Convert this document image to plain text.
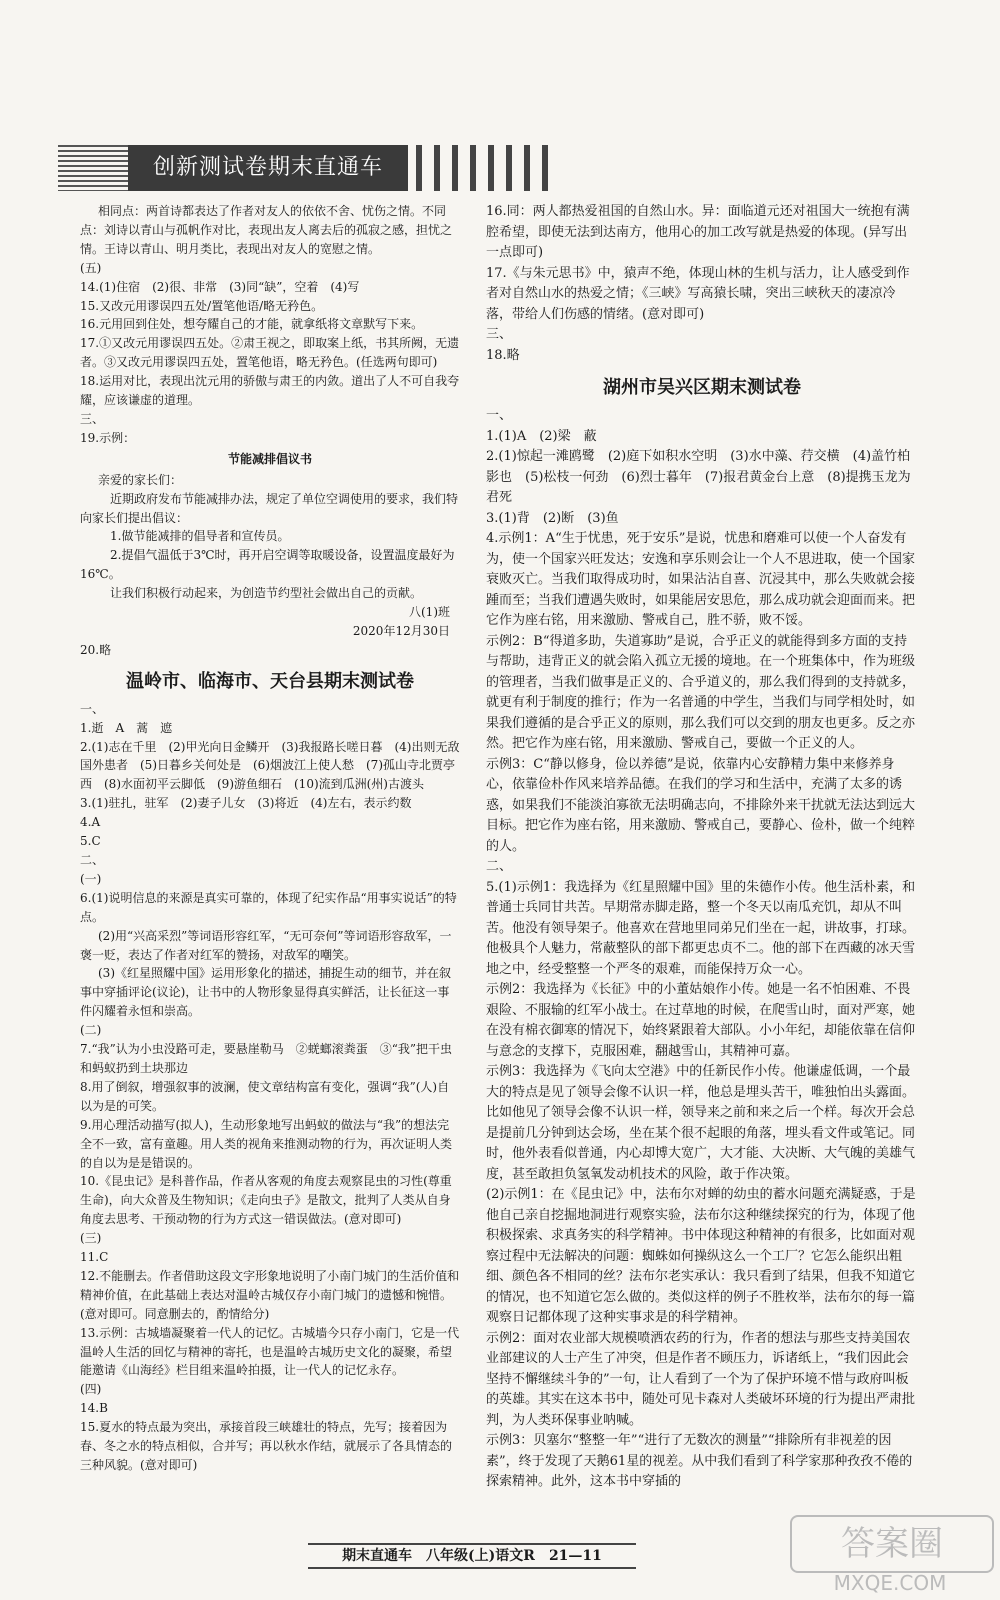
创新测试卷期末直通车

相同点：两首诗都表达了作者对友人的依依不舍、忧伤之情。不同点：刘诗以青山与孤帆作对比，表现出友人离去后的孤寂之感，担忧之情。王诗以青山、明月类比，表现出对友人的宽慰之情。

(五)

14.(1)住宿　(2)很、非常　(3)同“缺”，空着　(4)写

15.又改元用谬误四五处/置笔他语/略无矜色。

16.元用回到住处，想夸耀自己的才能，就拿纸将文章默写下来。

17.①又改元用谬误四五处。②肃王视之，即取案上纸，书其所阙，无遗者。③又改元用谬误四五处，置笔他语，略无矜色。(任选两句即可)

18.运用对比，表现出沈元用的骄傲与肃王的内敛。道出了人不可自我夸耀，应该谦虚的道理。

三、

19.示例：

节能减排倡议书

亲爱的家长们：

近期政府发布节能减排办法，规定了单位空调使用的要求，我们特向家长们提出倡议：

1.做节能减排的倡导者和宣传员。

2.提倡气温低于3℃时，再开启空调等取暖设备，设置温度最好为16℃。

让我们积极行动起来，为创造节约型社会做出自己的贡献。

八(1)班

2020年12月30日

20.略

温岭市、临海市、天台县期末测试卷

一、

1.逝　A　蒿　遮

2.(1)志在千里　(2)甲光向日金鳞开　(3)我报路长嗟日暮　(4)出则无敌国外患者　(5)日暮乡关何处是　(6)烟波江上使人愁　(7)孤山寺北贾亭西　(8)水面初平云脚低　(9)游鱼细石　(10)流到瓜洲(州)古渡头

3.(1)驻扎，驻军　(2)妻子儿女　(3)将近　(4)左右，表示约数

4.A

5.C

二、

(一)

6.(1)说明信息的来源是真实可靠的，体现了纪实作品“用事实说话”的特点。

(2)用“兴高采烈”等词语形容红军，“无可奈何”等词语形容敌军，一褒一贬，表达了作者对红军的赞扬，对敌军的嘲笑。

(3)《红星照耀中国》运用形象化的描述，捕捉生动的细节，并在叙事中穿插评论(议论)，让书中的人物形象显得真实鲜活，让长征这一事件闪耀着永恒和崇高。

(二)

7.“我”认为小虫没路可走，要悬崖勒马　②蜣螂滚粪蛋　③“我”把干虫和蚂蚁扔到土块那边

8.用了倒叙，增强叙事的波澜，使文章结构富有变化，强调“我”(人)自以为是的可笑。

9.用心理活动描写(拟人)，生动形象地写出蚂蚁的做法与“我”的想法完全不一致，富有童趣。用人类的视角来推测动物的行为，再次证明人类的自以为是是错误的。

10.《昆虫记》是科普作品，作者从客观的角度去观察昆虫的习性(尊重生命)，向大众普及生物知识；《走向虫子》是散文，批判了人类从自身角度去思考、干预动物的行为方式这一错误做法。(意对即可)

(三)

11.C

12.不能删去。作者借助这段文字形象地说明了小南门城门的生活价值和精神价值，在此基础上表达对温岭古城仅存小南门城门的遗憾和惋惜。(意对即可。同意删去的，酌情给分)

13.示例：古城墙凝聚着一代人的记忆。古城墙今只存小南门，它是一代温岭人生活的回忆与精神的寄托，也是温岭古城历史文化的凝聚，希望能邀请《山海经》栏目组来温岭拍摄，让一代人的记忆永存。

(四)

14.B

15.夏水的特点最为突出，承接首段三峡雄壮的特点，先写；接着因为春、冬之水的特点相似，合并写；再以秋水作结，就展示了各具情态的三种风貌。(意对即可)

16.同：两人都热爱祖国的自然山水。异：面临道元还对祖国大一统抱有满腔希望，即使无法到达南方，他用心的加工改写就是热爱的体现。(异写出一点即可)

17.《与朱元思书》中，猿声不绝，体现山林的生机与活力，让人感受到作者对自然山水的热爱之情；《三峡》写高猿长啸，突出三峡秋天的凄凉冷落，带给人们伤感的情绪。(意对即可)

三、

18.略

湖州市吴兴区期末测试卷

一、

1.(1)A　(2)梁　蔽

2.(1)惊起一滩鸥鹭　(2)庭下如积水空明　(3)水中藻、荇交横　(4)盖竹柏影也　(5)松枝一何劲　(6)烈士暮年　(7)报君黄金台上意　(8)提携玉龙为君死

3.(1)背　(2)断　(3)鱼

4.示例1：A“生于忧患，死于安乐”是说，忧患和磨难可以使一个人奋发有为，使一个国家兴旺发达；安逸和享乐则会让一个人不思进取，使一个国家衰败灭亡。当我们取得成功时，如果沾沾自喜、沉浸其中，那么失败就会接踵而至；当我们遭遇失败时，如果能居安思危，那么成功就会迎面而来。把它作为座右铭，用来激励、警戒自己，胜不骄，败不馁。

示例2：B“得道多助，失道寡助”是说，合乎正义的就能得到多方面的支持与帮助，违背正义的就会陷入孤立无援的境地。在一个班集体中，作为班级的管理者，当我们做事是正义的、合乎道义的，那么我们得到的支持就多，就更有利于制度的推行；作为一名普通的中学生，当我们与同学相处时，如果我们遵循的是合乎正义的原则，那么我们可以交到的朋友也更多。反之亦然。把它作为座右铭，用来激励、警戒自己，要做一个正义的人。

示例3：C“静以修身，俭以养德”是说，依靠内心安静精力集中来修养身心，依靠俭朴作风来培养品德。在我们的学习和生活中，充满了太多的诱惑，如果我们不能淡泊寡欲无法明确志向，不排除外来干扰就无法达到远大目标。把它作为座右铭，用来激励、警戒自己，要静心、俭朴，做一个纯粹的人。

二、

5.(1)示例1：我选择为《红星照耀中国》里的朱德作小传。他生活朴素，和普通士兵同甘共苦。早期常赤脚走路，整一个冬天以南瓜充饥，却从不叫苦。他没有领导架子。他喜欢在营地里同弟兄们坐在一起，讲故事，打球。他极具个人魅力，常蔽整队的部下都更忠贞不二。他的部下在西藏的冰天雪地之中，经受整整一个严冬的艰难，而能保持万众一心。

示例2：我选择为《长征》中的小董姑娘作小传。她是一名不怕困难、不畏艰险、不服输的红军小战士。在过草地的时候，在爬雪山时，面对严寒，她在没有棉衣御寒的情况下，始终紧跟着大部队。小小年纪，却能依靠在信仰与意念的支撑下，克服困难，翻越雪山，其精神可嘉。

示例3：我选择为《飞向太空港》中的任新民作小传。他谦虚低调，一个最大的特点是见了领导会像不认识一样，他总是埋头苦干，唯独怕出头露面。比如他见了领导会像不认识一样，领导来之前和来之后一个样。每次开会总是提前几分钟到达会场，坐在某个很不起眼的角落，埋头看文件或笔记。同时，他外表看似普通，内心却博大宽广，大才能、大决断、大气魄的美雄气度，甚至敢担负氢氧发动机技术的风险，敢于作决策。

(2)示例1：在《昆虫记》中，法布尔对蝉的幼虫的蓄水问题充满疑惑，于是他自己亲自挖掘地洞进行观察实验，法布尔这种继续探究的行为，体现了他积极探索、求真务实的科学精神。书中体现这种精神的有很多，比如面对观察过程中无法解决的问题：蜘蛛如何操纵这么一个工厂？它怎么能织出粗细、颜色各不相同的丝？法布尔老实承认：我只看到了结果，但我不知道它的情况，也不知道它怎么做的。类似这样的例子不胜枚举，法布尔的每一篇观察日记都体现了这种实事求是的科学精神。

示例2：面对农业部大规模喷洒农药的行为，作者的想法与那些支持美国农业部建议的人士产生了冲突，但是作者不顾压力，诉诸纸上，“我们因此会坚持不懈继续斗争的”一句，让人看到了一个为了保护环境不惜与政府叫板的英雄。其实在这本书中，随处可见卡森对人类破坏环境的行为提出严肃批判，为人类环保事业呐喊。

示例3：贝塞尔“整整一年”“进行了无数次的测量”“排除所有非视差的因素”，终于发现了天鹅61星的视差。从中我们看到了科学家那种孜孜不倦的探索精神。此外，这本书中穿插的

期末直通车　八年级(上)语文R　21—11	答案圈
MXQE.COM
